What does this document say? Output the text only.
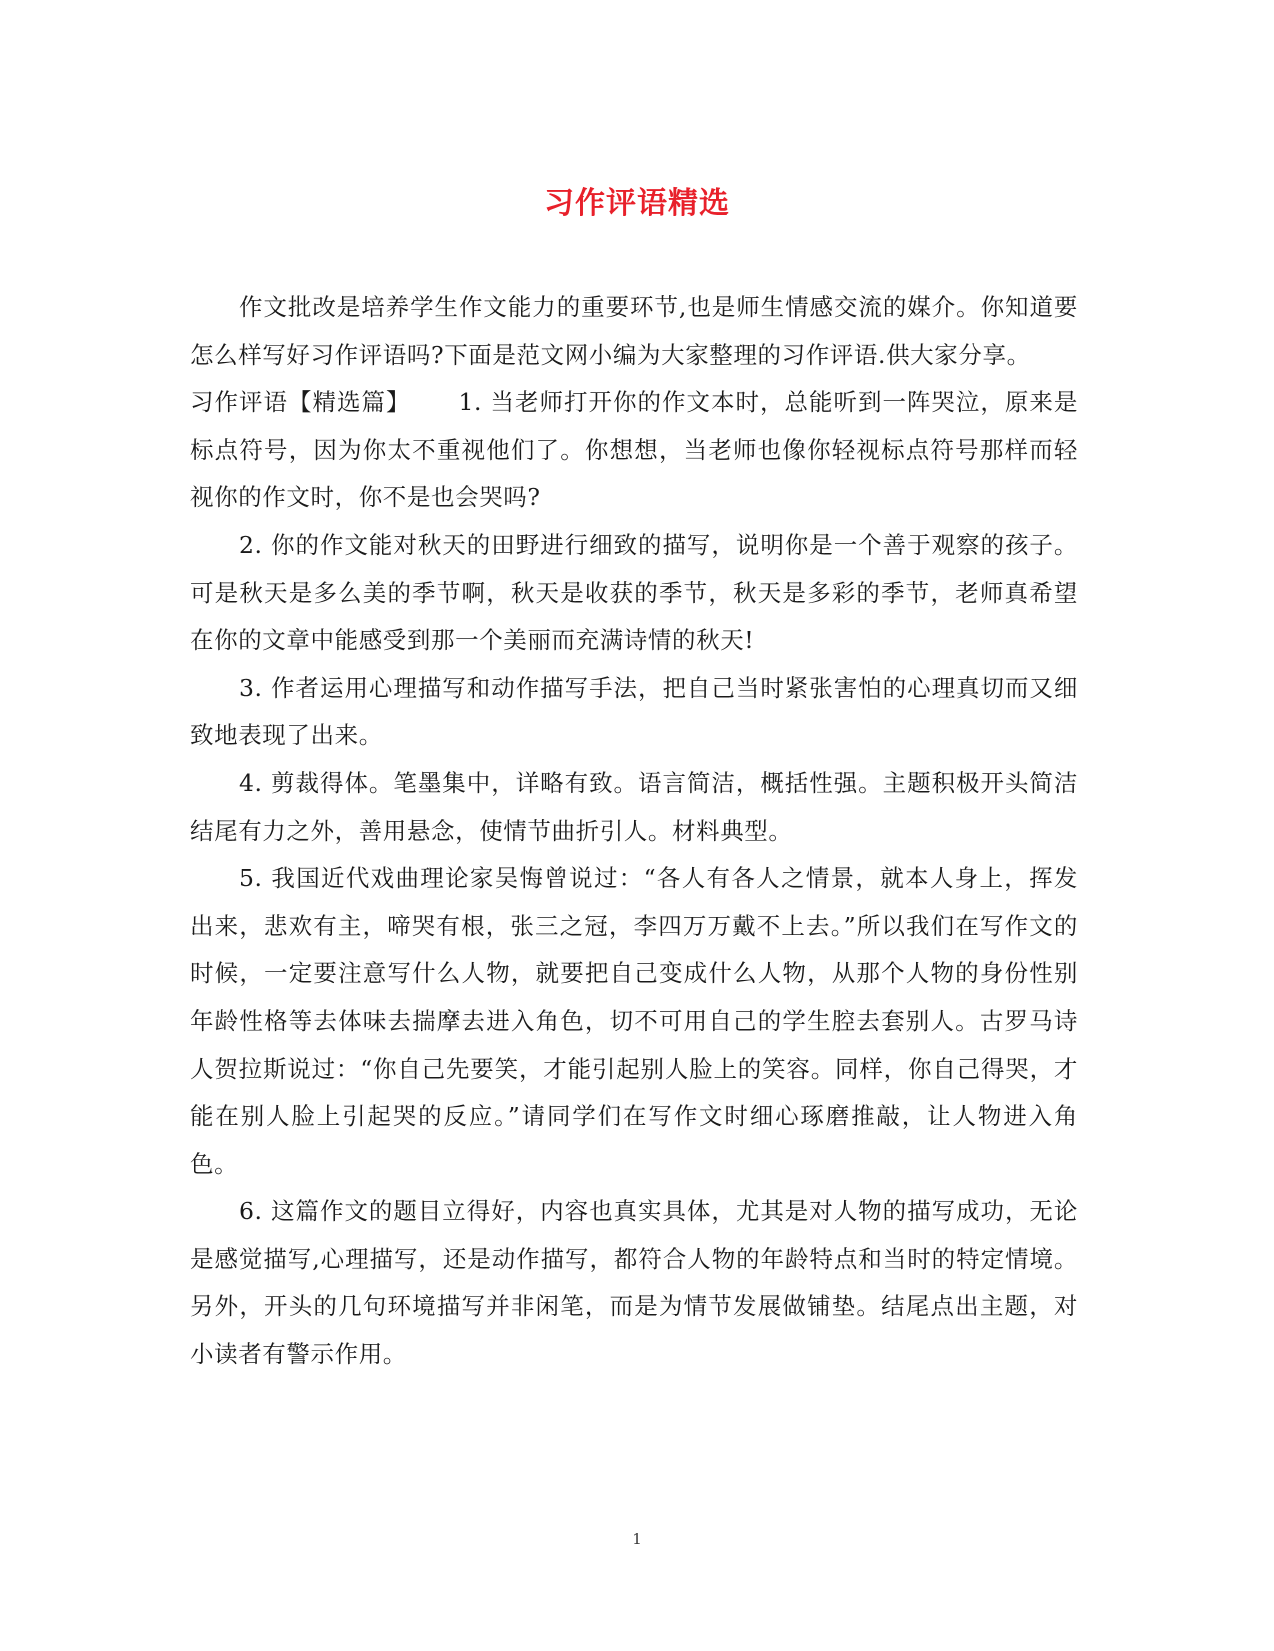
习作评语精选

作文批改是培养学生作文能力的重要环节,也是师生情感交流的媒介。你知道要怎么样写好习作评语吗?下面是范文网小编为大家整理的习作评语.供大家分享。

习作评语【精选篇】 1. 当老师打开你的作文本时，总能听到一阵哭泣，原来是标点符号，因为你太不重视他们了。你想想，当老师也像你轻视标点符号那样而轻视你的作文时，你不是也会哭吗?

2. 你的作文能对秋天的田野进行细致的描写，说明你是一个善于观察的孩子。可是秋天是多么美的季节啊，秋天是收获的季节，秋天是多彩的季节，老师真希望在你的文章中能感受到那一个美丽而充满诗情的秋天!

3. 作者运用心理描写和动作描写手法，把自己当时紧张害怕的心理真切而又细致地表现了出来。

4. 剪裁得体。笔墨集中，详略有致。语言简洁，概括性强。主题积极开头简洁结尾有力之外，善用悬念，使情节曲折引人。材料典型。

5. 我国近代戏曲理论家吴悔曾说过：“各人有各人之情景，就本人身上，挥发出来，悲欢有主，啼哭有根，张三之冠，李四万万戴不上去。”所以我们在写作文的时候，一定要注意写什么人物，就要把自己变成什么人物，从那个人物的身份性别年龄性格等去体味去揣摩去进入角色，切不可用自己的学生腔去套别人。古罗马诗人贺拉斯说过：“你自己先要笑，才能引起别人脸上的笑容。同样，你自己得哭，才能在别人脸上引起哭的反应。”请同学们在写作文时细心琢磨推敲，让人物进入角色。

6. 这篇作文的题目立得好，内容也真实具体，尤其是对人物的描写成功，无论是感觉描写,心理描写，还是动作描写，都符合人物的年龄特点和当时的特定情境。另外，开头的几句环境描写并非闲笔，而是为情节发展做铺垫。结尾点出主题，对小读者有警示作用。

1
